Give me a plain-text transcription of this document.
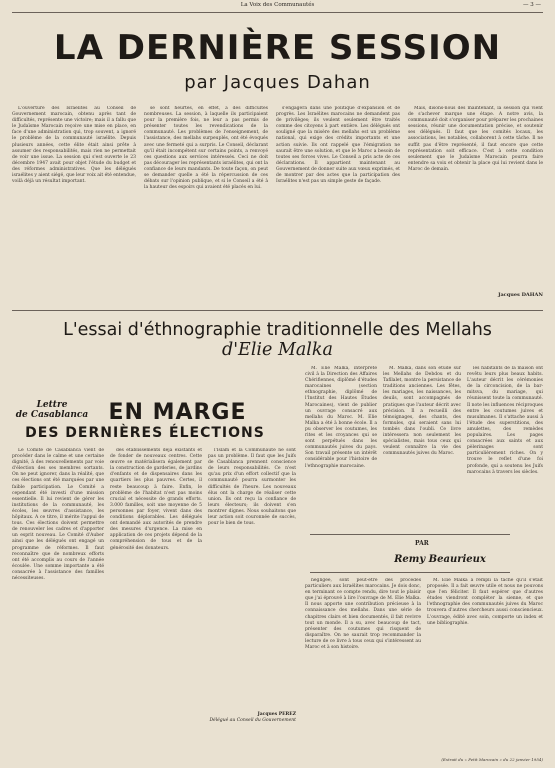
La Voix des Communautés	— 3 —
LA DERNIÈRE SESSION
par Jacques Dahan

L'ouverture des Israélites au Conseil de Gouvernement marocain, obtenu après tant de difficultés, représente une victoire; mais il a fallu que le Judaïsme Marocain reçoive une mise en place, en face d'une administration qui, trop souvent, a ignoré le problème de la communauté israélite. Depuis plusieurs années, cette élite était ainsi prête à assumer des responsabilités, mais rien ne permettait de voir une issue. La session qui s'est ouverte le 23 décembre 1947 avait pour objet l'étude du budget et des réformes administratives. Que les délégués israélites y aient siégé, que leur voix ait été entendue, voilà déjà un résultat important.

se sont heurtés, en effet, à des difficultés nombreuses. La session, à laquelle ils participaient pour la première fois, ne leur a pas permis de présenter toutes les revendications de la communauté. Les problèmes de l'enseignement, de l'assistance, des mellahs surpeuplés, ont été évoqués avec une fermeté qui a surpris. Le Conseil, déclarant qu'il était incompétent sur certains points, a renvoyé ces questions aux services intéressés. Ceci ne doit pas décourager les représentants israélites, qui ont la confiance de leurs mandants. De toute façon, on peut se demander quelle a été la répercussion de ces débats sur l'opinion publique, et si le Conseil a été à la hauteur des espoirs qui avaient été placés en lui.

s'engagera dans une politique d'expansion et de progrès. Les Israélites marocains ne demandent pas de privilèges; ils veulent seulement être traités comme des citoyens à part entière. Les délégués ont souligné que la misère des mellahs est un problème national, qui exige des crédits importants et une action suivie. Ils ont rappelé que l'émigration ne saurait être une solution, et que le Maroc a besoin de toutes ses forces vives. Le Conseil a pris acte de ces déclarations. Il appartient maintenant au Gouvernement de donner suite aux vœux exprimés, et de montrer par des actes que la participation des Israélites n'est pas un simple geste de façade.

Mais, disons-nous dès maintenant, la session qui vient de s'achever marque une étape. A notre avis, la communauté doit s'organiser pour préparer les prochaines sessions, réunir une documentation précise, et soutenir ses délégués. Il faut que les comités locaux, les associations, les notables, collaborent à cette tâche. Il ne suffit pas d'être représenté, il faut encore que cette représentation soit efficace. C'est à cette condition seulement que le Judaïsme Marocain pourra faire entendre sa voix et obtenir la place qui lui revient dans le Maroc de demain.

Jacques DAHAN
L'essai d'éthnographie traditionnelle des Mellahs
d'Elie Malka

M. Elie Malka, interprète civil à la Direction des Affaires Chérifiennes, diplômé d'études marocaines (section ethnographie, diplômé de l'Institut des Hautes Études Marocaines), vient de publier un ouvrage consacré aux mellahs du Maroc. M. Elie Malka a été à bonne école. Il a pu observer les coutumes, les rites et les croyances qui se sont perpétués dans les communautés juives du pays. Son travail présente un intérêt considérable pour l'histoire de l'ethnographie marocaine.

M. Malka, dans son étude sur les Mellahs de Debdou et du Tafilalet, montre la persistance de traditions anciennes. Les fêtes, les mariages, les naissances, les deuils, sont accompagnés de pratiques que l'auteur décrit avec précision. Il a recueilli des témoignages, des chants, des formules, qui seraient sans lui tombés dans l'oubli. Ce livre intéressera non seulement les spécialistes, mais tous ceux qui veulent connaître la vie des communautés juives du Maroc.

les habitants de la maison ont revêtu leurs plus beaux habits. L'auteur décrit les cérémonies de la circoncision, de la bar-mitsva, du mariage, qui réunissent toute la communauté. Il note les influences réciproques entre les coutumes juives et musulmanes. Il s'attache aussi à l'étude des superstitions, des amulettes, des remèdes populaires. Les pages consacrées aux saints et aux pèlerinages sont particulièrement riches. On y trouve le reflet d'une foi profonde, qui a soutenu les Juifs marocains à travers les siècles.

Lettre
de Casablanca EN MARGE
DES DERNIÈRES ÉLECTIONS

Le Comité de Casablanca vient de procéder dans le calme et une certaine dignité, à des renouvellements par voie d'élection des ses membres sortants. On ne peut ignorer, dans la réalité, que ces élections ont été marquées par une faible participation. Le Comité a cependant été investi d'une mission essentielle. Il lui revient de gérer les institutions de la communauté, les écoles, les œuvres d'assistance, les hôpitaux. A ce titre, il mérite l'appui de tous. Ces élections doivent permettre de renouveler les cadres et d'apporter un esprit nouveau. Le Comité d'Auber ainsi que les délégués ont engagé un programme de réformes. Il faut reconnaître que de nombreux efforts ont été accomplis au cours de l'année écoulée. Une somme importante a été consacrée à l'assistance des familles nécessiteuses.

des établissements déjà existants et de fonder de nouveaux centres. Cette œuvre se matérialisera également par la construction de garderies, de jardins d'enfants et de dispensaires dans les quartiers les plus pauvres. Certes, il reste beaucoup à faire. Enfin, le problème de l'habitat n'est pas moins crucial et nécessite de grands efforts. 3.000 familles, soit une moyenne de 5 personnes par foyer, vivent dans des conditions déplorables. Les délégués ont demandé aux autorités de prendre des mesures d'urgence. La mise en application de ces projets dépend de la compréhension de tous et de la générosité des donateurs.

l'Islam et la Communauté ne sont pas un problème. Il faut que les Juifs de Casablanca prennent conscience de leurs responsabilités. Ce n'est qu'au prix d'un effort collectif que la communauté pourra surmonter les difficultés de l'heure. Les nouveaux élus ont la charge de réaliser cette union. Ils ont reçu la confiance de leurs électeurs; ils doivent s'en montrer dignes. Nous souhaitons que leur action soit couronnée de succès, pour le bien de tous.

Jacques PEREZ
Délégué au Conseil du Gouvernement
PAR
Remy Beaurieux

négligée, sont peut-être des procédés particuliers aux Israélites marocains. Je dois donc, en terminant ce compte rendu, dire tout le plaisir que j'ai éprouvé à lire l'ouvrage de M. Elie Malka. Il nous apporte une contribution précieuse à la connaissance des mellahs. Dans une série de chapitres clairs et bien documentés, il fait revivre tout un monde. Il a su, avec beaucoup de tact, présenter des coutumes qui risquent de disparaître. On ne saurait trop recommander la lecture de ce livre à tous ceux qui s'intéressent au Maroc et à son histoire.

M. Elie Malka a rempli la tâche qu'il s'était proposée. Il a fait œuvre utile et nous ne pouvons que l'en féliciter. Il faut espérer que d'autres études viendront compléter la sienne, et que l'ethnographie des communautés juives du Maroc trouvera d'autres chercheurs aussi consciencieux. L'ouvrage, édité avec soin, comporte un index et une bibliographie.

(Extrait du « Petit Marocain » du 22 janvier 1954)
